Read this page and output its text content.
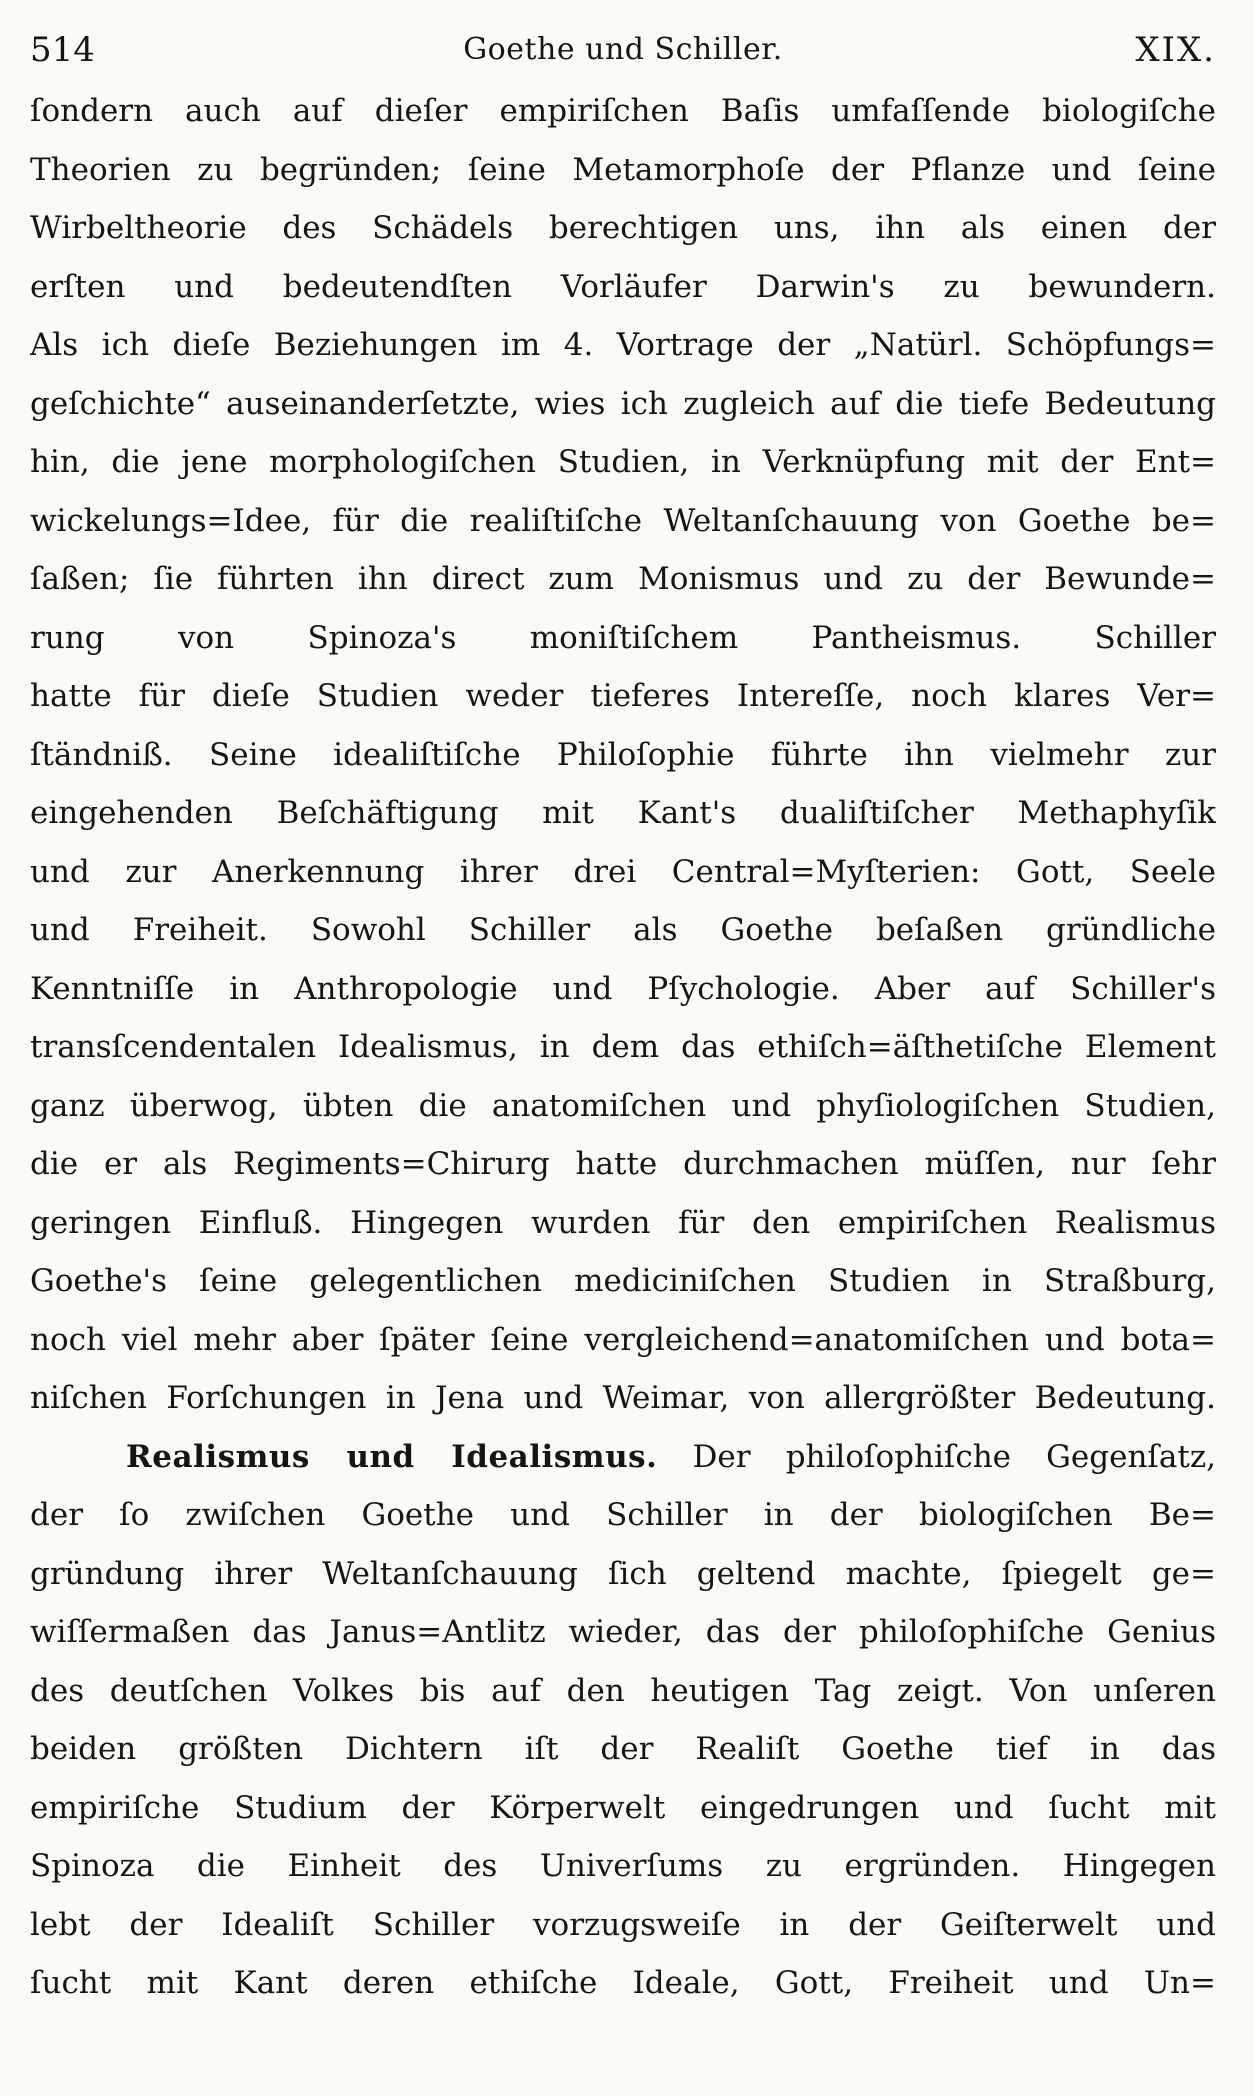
514	Goethe und Schiller.	XIX.
ſondern auch auf dieſer empiriſchen Baſis umfaſſende biologiſche
Theorien zu begründen; ſeine Metamorphoſe der Pflanze und ſeine
Wirbeltheorie des Schädels berechtigen uns, ihn als einen der
erſten und bedeutendſten Vorläufer Darwin's zu bewundern.
Als ich dieſe Beziehungen im 4. Vortrage der „Natürl. Schöpfungs=
geſchichte“ auseinanderſetzte, wies ich zugleich auf die tiefe Bedeutung
hin, die jene morphologiſchen Studien, in Verknüpfung mit der Ent=
wickelungs=Idee, für die realiſtiſche Weltanſchauung von Goethe be=
ſaßen; ſie führten ihn direct zum Monismus und zu der Bewunde=
rung von Spinoza's moniſtiſchem Pantheismus. Schiller
hatte für dieſe Studien weder tieferes Intereſſe, noch klares Ver=
ſtändniß. Seine idealiſtiſche Philoſophie führte ihn vielmehr zur
eingehenden Beſchäftigung mit Kant's dualiſtiſcher Methaphyſik
und zur Anerkennung ihrer drei Central=Myſterien: Gott, Seele
und Freiheit. Sowohl Schiller als Goethe beſaßen gründliche
Kenntniſſe in Anthropologie und Pſychologie. Aber auf Schiller's
transſcendentalen Idealismus, in dem das ethiſch=äſthetiſche Element
ganz überwog, übten die anatomiſchen und phyſiologiſchen Studien,
die er als Regiments=Chirurg hatte durchmachen müſſen, nur ſehr
geringen Einfluß. Hingegen wurden für den empiriſchen Realismus
Goethe's ſeine gelegentlichen mediciniſchen Studien in Straßburg,
noch viel mehr aber ſpäter ſeine vergleichend=anatomiſchen und bota=
niſchen Forſchungen in Jena und Weimar, von allergrößter Bedeutung.
Realismus und Idealismus. Der philoſophiſche Gegenſatz,
der ſo zwiſchen Goethe und Schiller in der biologiſchen Be=
gründung ihrer Weltanſchauung ſich geltend machte, ſpiegelt ge=
wiſſermaßen das Janus=Antlitz wieder, das der philoſophiſche Genius
des deutſchen Volkes bis auf den heutigen Tag zeigt. Von unſeren
beiden größten Dichtern iſt der Realiſt Goethe tief in das
empiriſche Studium der Körperwelt eingedrungen und ſucht mit
Spinoza die Einheit des Univerſums zu ergründen. Hingegen
lebt der Idealiſt Schiller vorzugsweiſe in der Geiſterwelt und
ſucht mit Kant deren ethiſche Ideale, Gott, Freiheit und Un=
